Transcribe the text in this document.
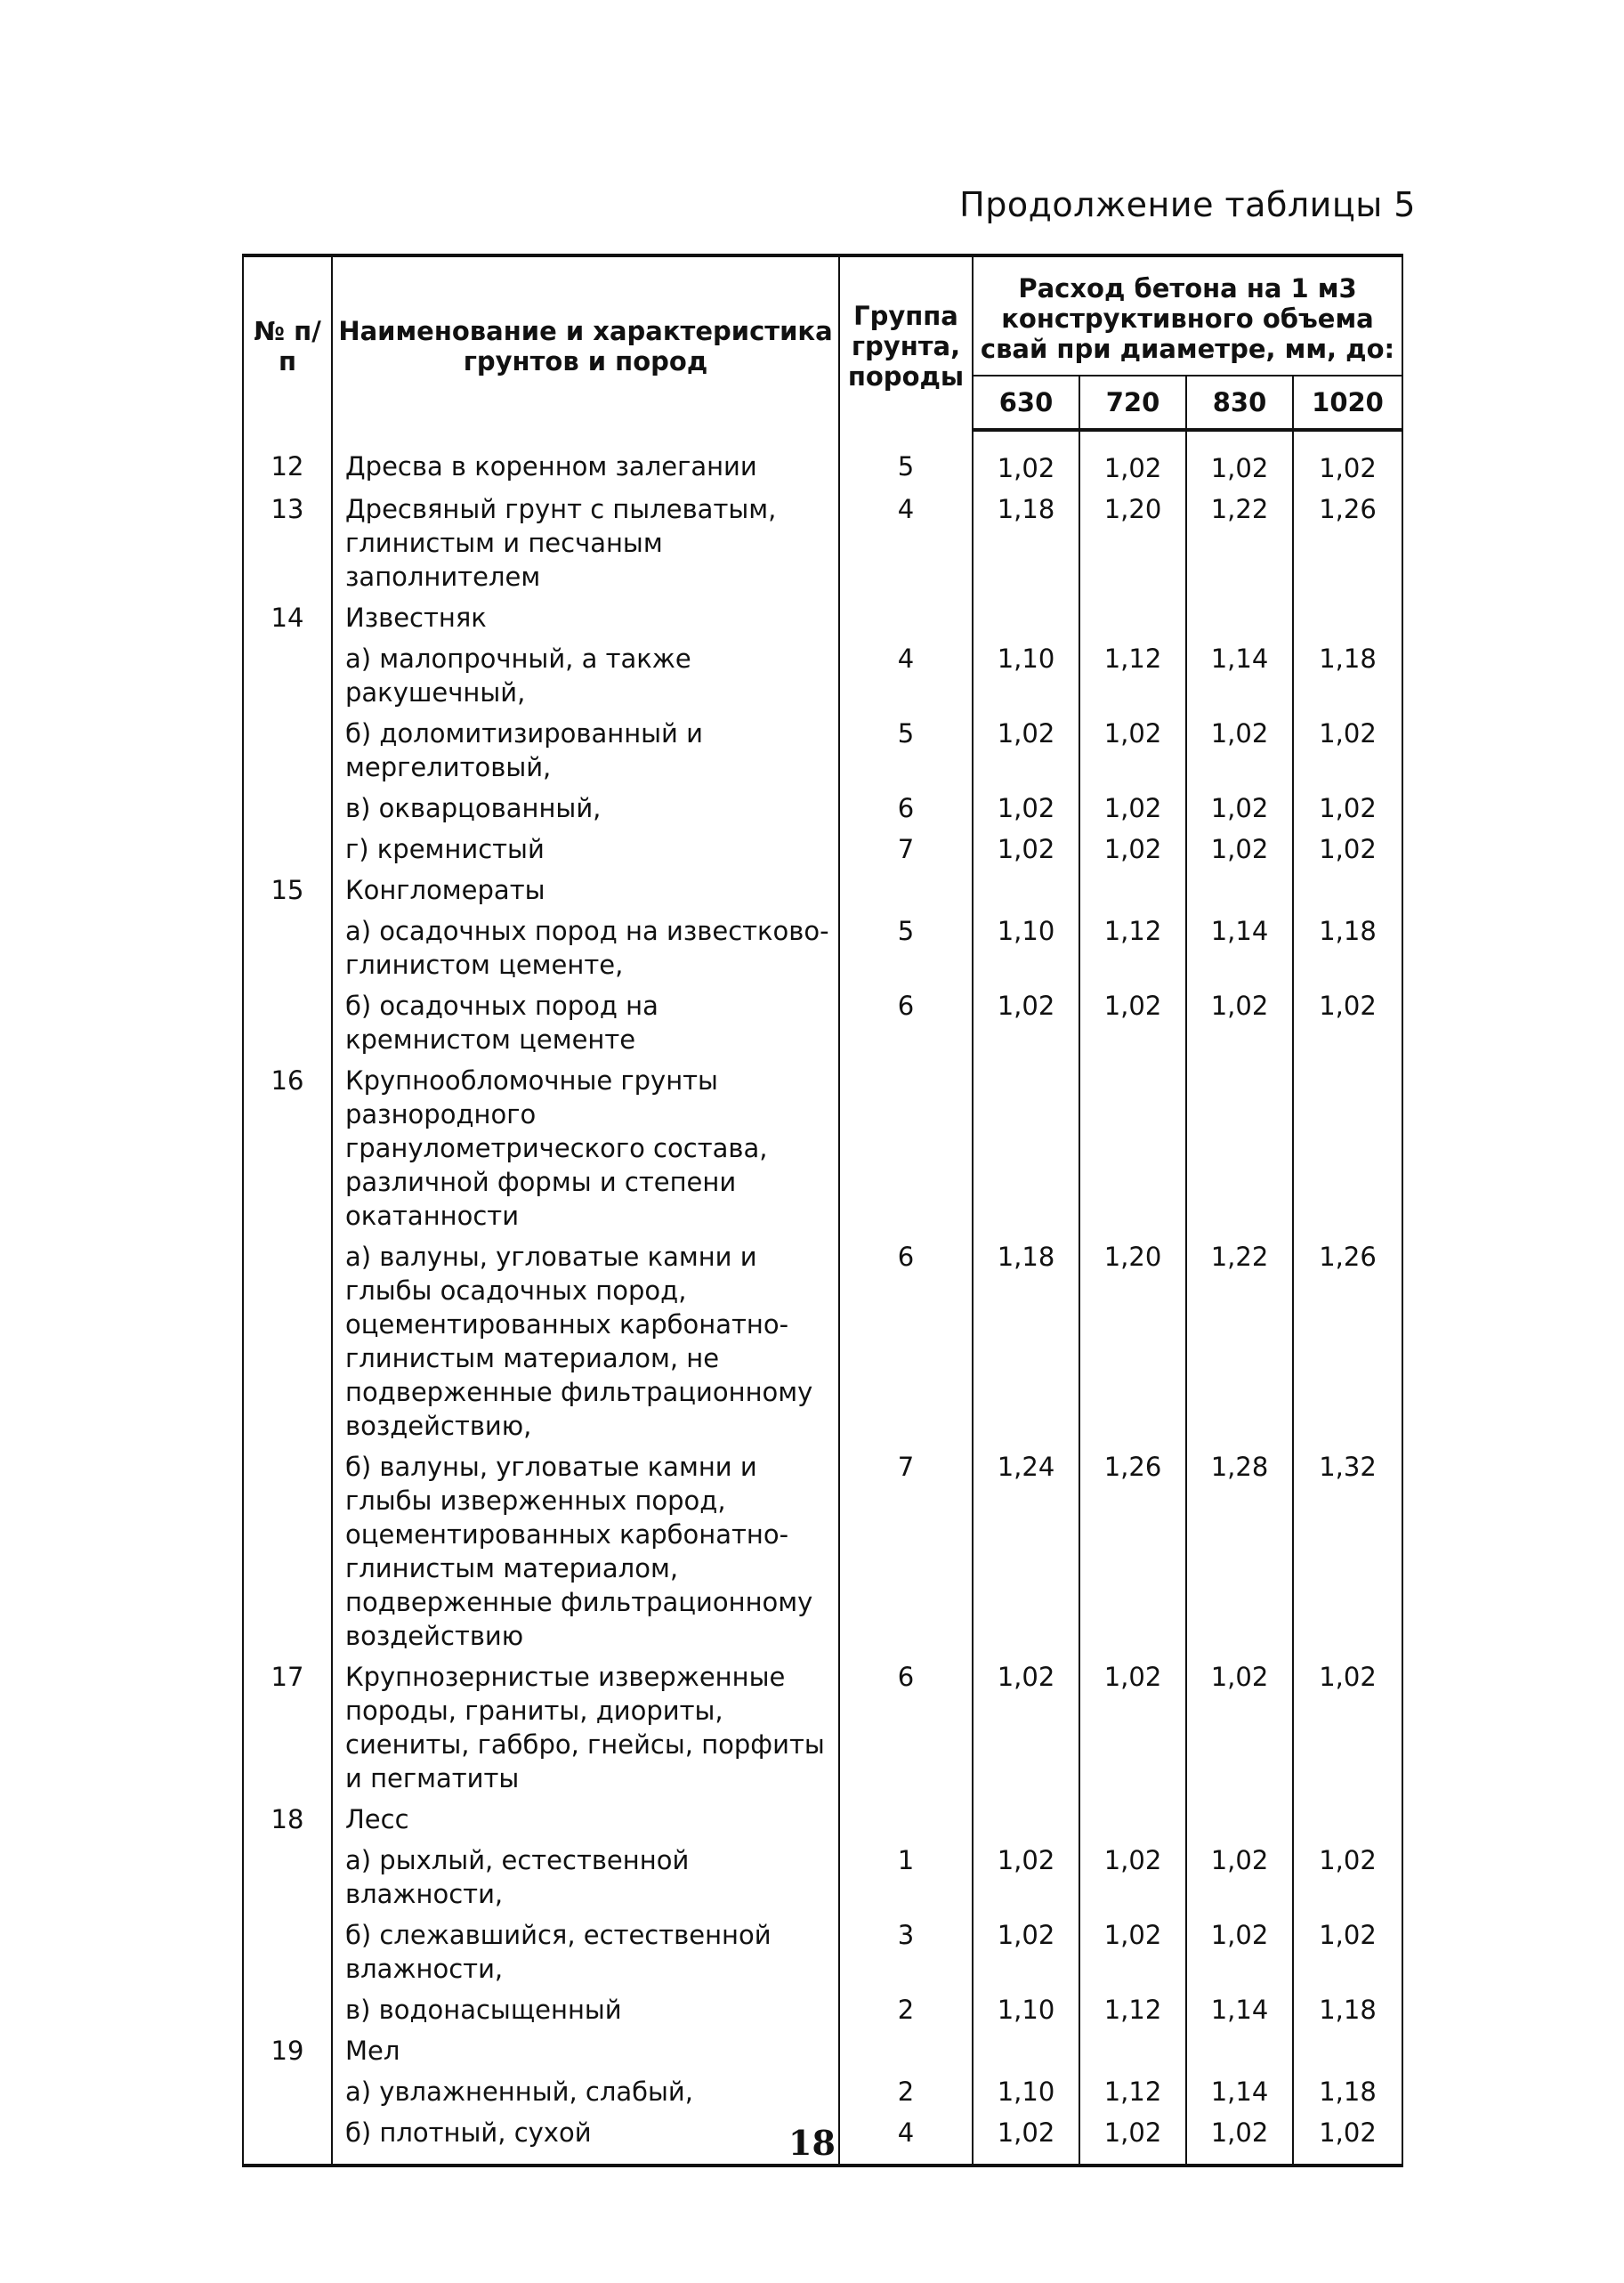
Продолжение таблицы 5
№ п/п	Наименование и характеристика грунтов и пород	Группа грунта, породы	Расход бетона на 1 м3 конструктивного объема свай при диаметре, мм, до:			
			630	720	830	1020
12	Дресва в коренном залегании	5	1,02	1,02	1,02	1,02
13	Дресвяный грунт с пылеватым, глинистым и песчаным заполнителем	4	1,18	1,20	1,22	1,26
14	Известняк					
	а) малопрочный, а также ракушечный,	4	1,10	1,12	1,14	1,18
	б) доломитизированный и мергелитовый,	5	1,02	1,02	1,02	1,02
	в) окварцованный,	6	1,02	1,02	1,02	1,02
	г) кремнистый	7	1,02	1,02	1,02	1,02
15	Конгломераты					
	а) осадочных пород на известково-глинистом цементе,	5	1,10	1,12	1,14	1,18
	б) осадочных пород на кремнистом цементе	6	1,02	1,02	1,02	1,02
16	Крупнообломочные грунты разнородного гранулометрического состава, различной формы и степени окатанности					
	а) валуны, угловатые камни и глыбы осадочных пород, оцементированных карбонатно-глинистым материалом, не подверженные фильтрационному воздействию,	6	1,18	1,20	1,22	1,26
	б) валуны, угловатые камни и глыбы изверженных пород, оцементированных карбонатно-глинистым материалом, подверженные фильтрационному воздействию	7	1,24	1,26	1,28	1,32
17	Крупнозернистые изверженные породы, граниты, диориты, сиениты, габбро, гнейсы, порфиты и пегматиты	6	1,02	1,02	1,02	1,02
18	Лесс					
	а) рыхлый, естественной влажности,	1	1,02	1,02	1,02	1,02
	б) слежавшийся, естественной влажности,	3	1,02	1,02	1,02	1,02
	в) водонасыщенный	2	1,10	1,12	1,14	1,18
19	Мел					
	а) увлажненный, слабый,	2	1,10	1,12	1,14	1,18
	б) плотный, сухой	4	1,02	1,02	1,02	1,02
18
